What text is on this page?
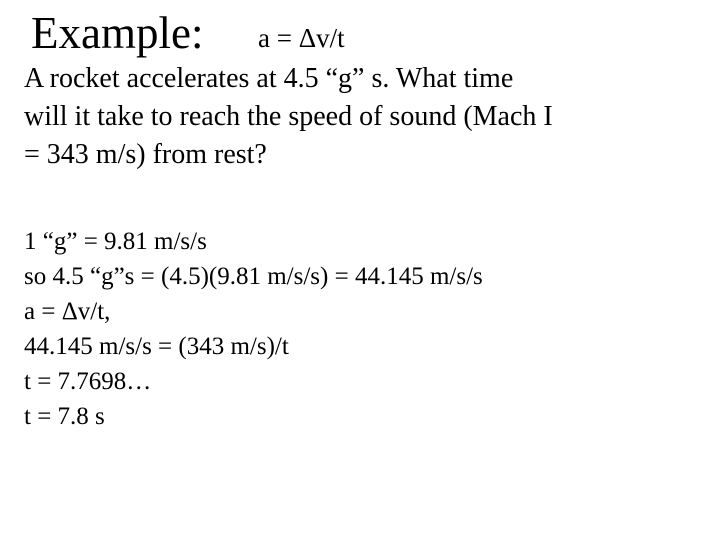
Example: a = Δv/t
A rocket accelerates at 4.5 “g” s. What time
will it take to reach the speed of sound (Mach I
= 343 m/s) from rest?
1 “g” = 9.81 m/s/s
so 4.5 “g”s = (4.5)(9.81 m/s/s) = 44.145 m/s/s
a = Δv/t,
44.145 m/s/s = (343 m/s)/t
t = 7.7698…
t = 7.8 s
